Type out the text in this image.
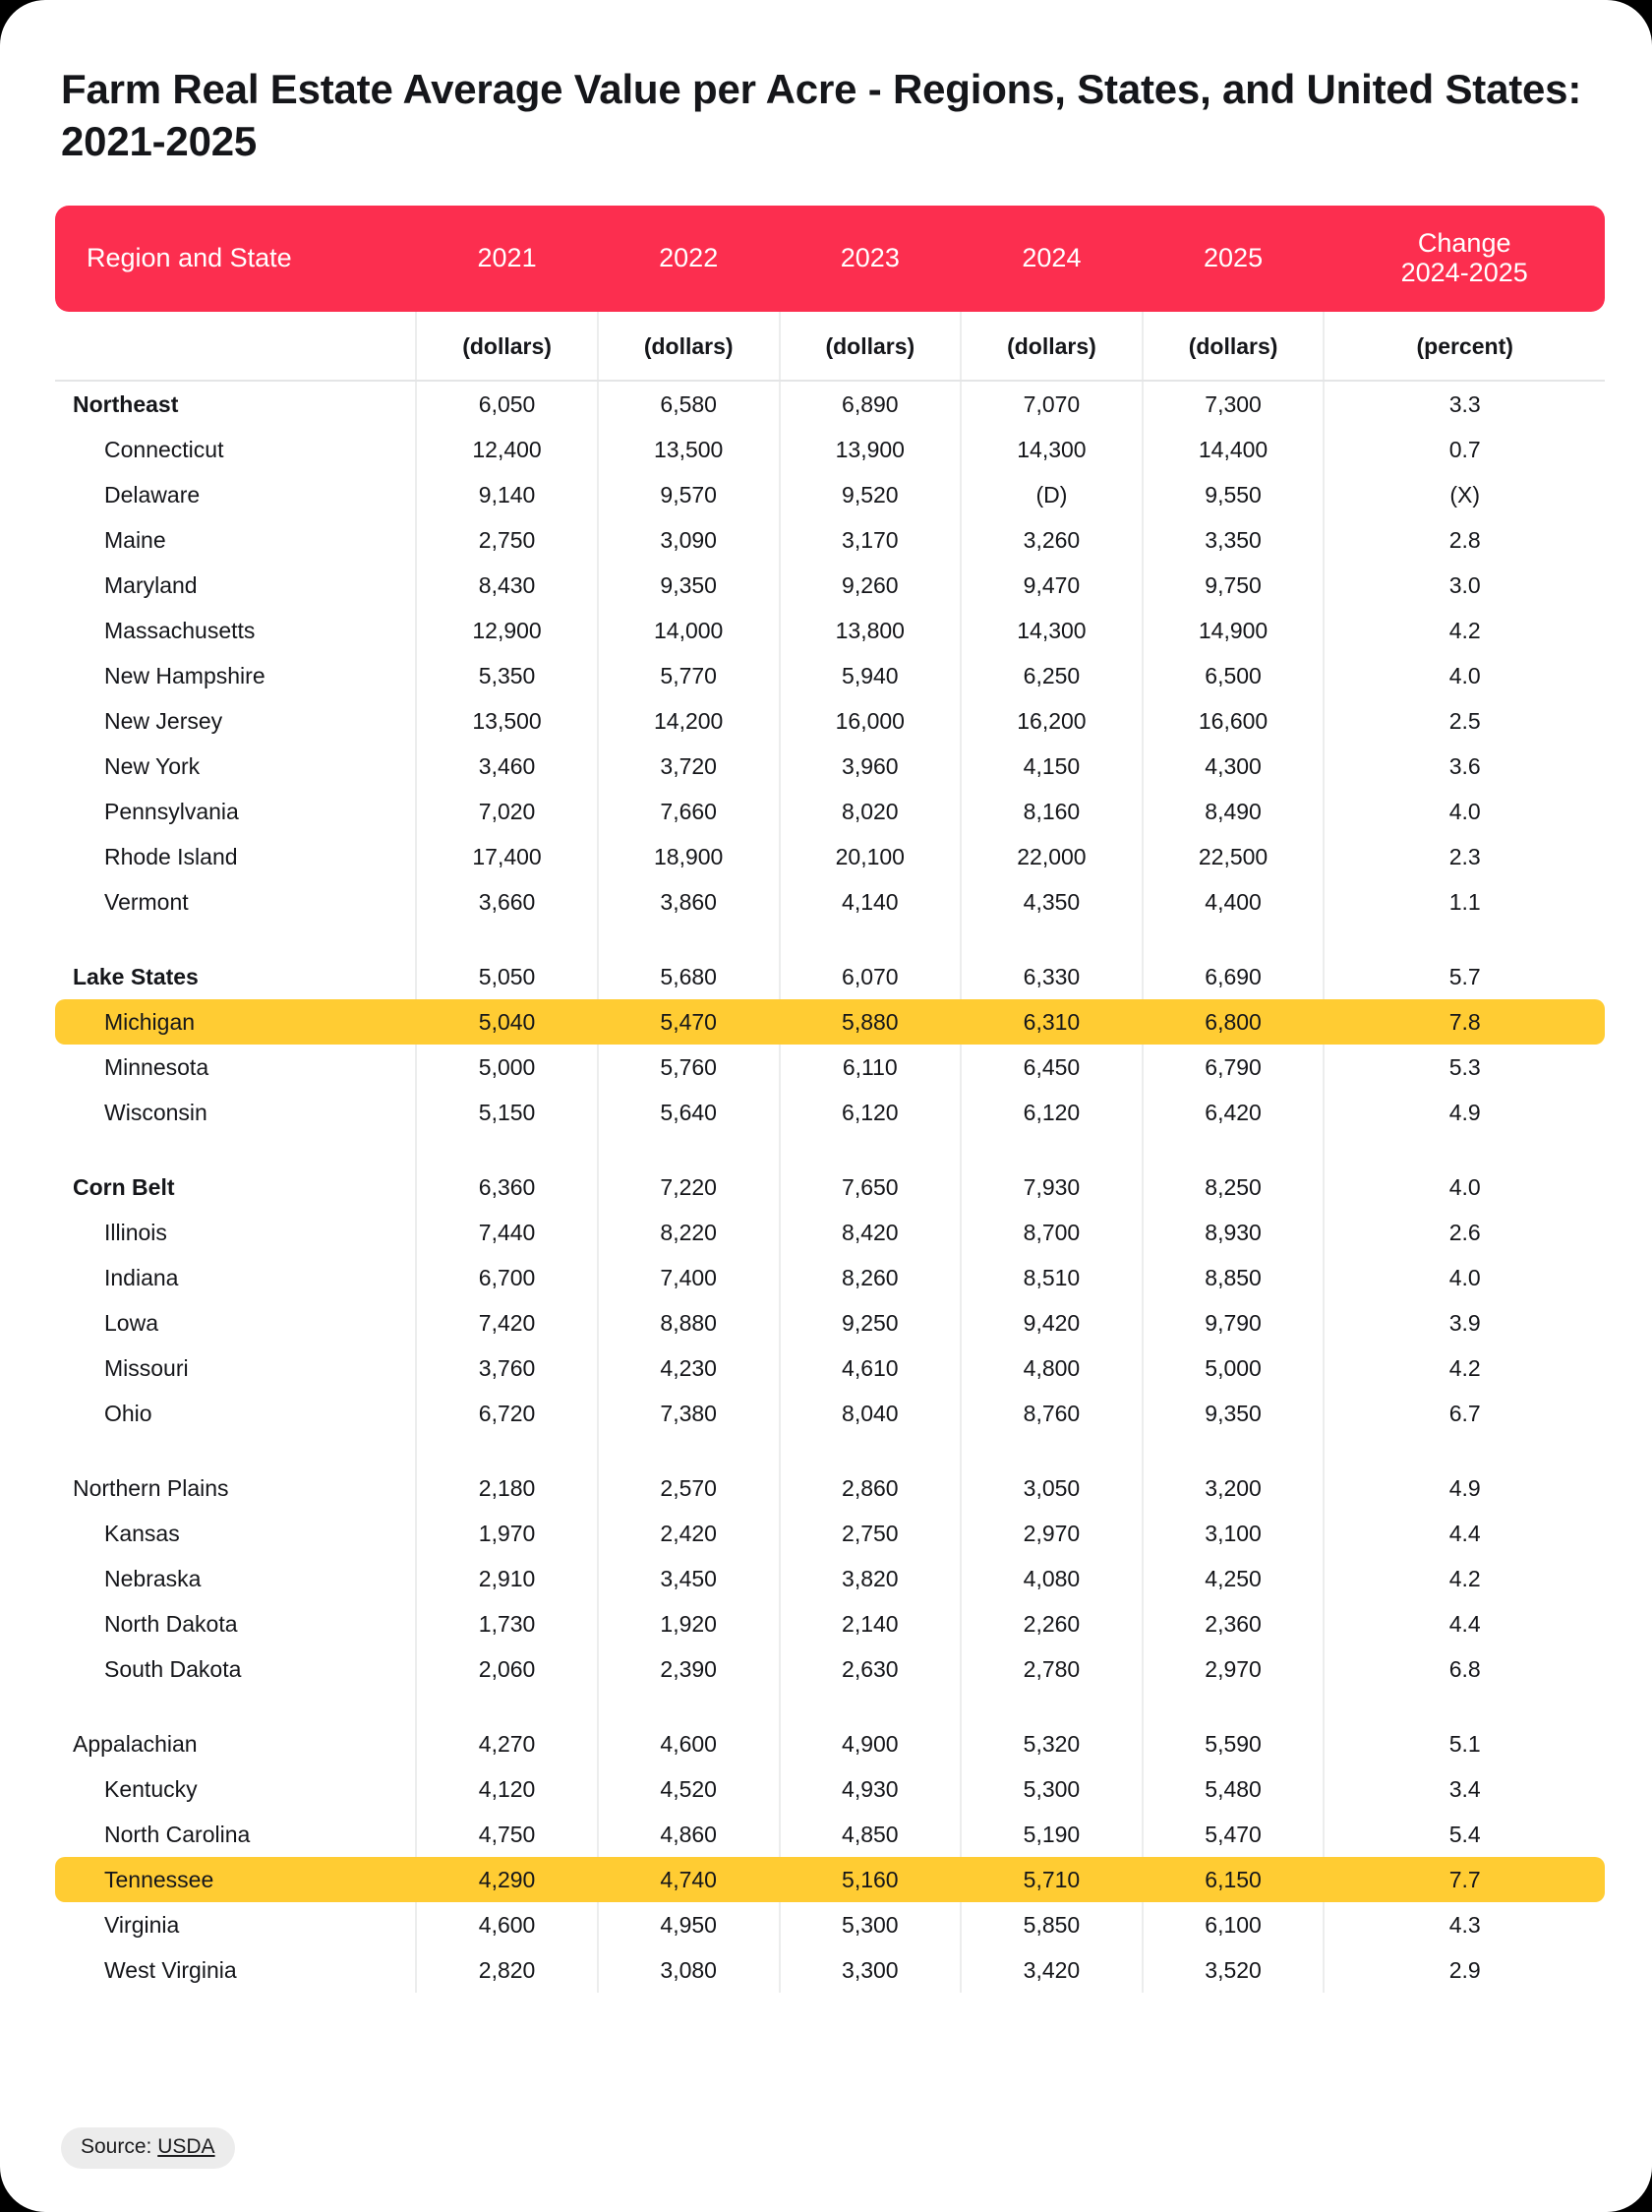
Farm Real Estate Average Value per Acre - Regions, States, and United States: 2021-2025
Region and State	2021	2022	2023	2024	2025	Change
2024-2025

	(dollars)	(dollars)	(dollars)	(dollars)	(dollars)	(percent)
Northeast	6,050	6,580	6,890	7,070	7,300	3.3
Connecticut	12,400	13,500	13,900	14,300	14,400	0.7
Delaware	9,140	9,570	9,520	(D)	9,550	(X)
Maine	2,750	3,090	3,170	3,260	3,350	2.8
Maryland	8,430	9,350	9,260	9,470	9,750	3.0
Massachusetts	12,900	14,000	13,800	14,300	14,900	4.2
New Hampshire	5,350	5,770	5,940	6,250	6,500	4.0
New Jersey	13,500	14,200	16,000	16,200	16,600	2.5
New York	3,460	3,720	3,960	4,150	4,300	3.6
Pennsylvania	7,020	7,660	8,020	8,160	8,490	4.0
Rhode Island	17,400	18,900	20,100	22,000	22,500	2.3
Vermont	3,660	3,860	4,140	4,350	4,400	1.1

Lake States	5,050	5,680	6,070	6,330	6,690	5.7
Michigan	5,040	5,470	5,880	6,310	6,800	7.8
Minnesota	5,000	5,760	6,110	6,450	6,790	5.3
Wisconsin	5,150	5,640	6,120	6,120	6,420	4.9

Corn Belt	6,360	7,220	7,650	7,930	8,250	4.0
Illinois	7,440	8,220	8,420	8,700	8,930	2.6
Indiana	6,700	7,400	8,260	8,510	8,850	4.0
Lowa	7,420	8,880	9,250	9,420	9,790	3.9
Missouri	3,760	4,230	4,610	4,800	5,000	4.2
Ohio	6,720	7,380	8,040	8,760	9,350	6.7

Northern Plains	2,180	2,570	2,860	3,050	3,200	4.9
Kansas	1,970	2,420	2,750	2,970	3,100	4.4
Nebraska	2,910	3,450	3,820	4,080	4,250	4.2
North Dakota	1,730	1,920	2,140	2,260	2,360	4.4
South Dakota	2,060	2,390	2,630	2,780	2,970	6.8

Appalachian	4,270	4,600	4,900	5,320	5,590	5.1
Kentucky	4,120	4,520	4,930	5,300	5,480	3.4
North Carolina	4,750	4,860	4,850	5,190	5,470	5.4
Tennessee	4,290	4,740	5,160	5,710	6,150	7.7
Virginia	4,600	4,950	5,300	5,850	6,100	4.3
West Virginia	2,820	3,080	3,300	3,420	3,520	2.9
Source: USDA
